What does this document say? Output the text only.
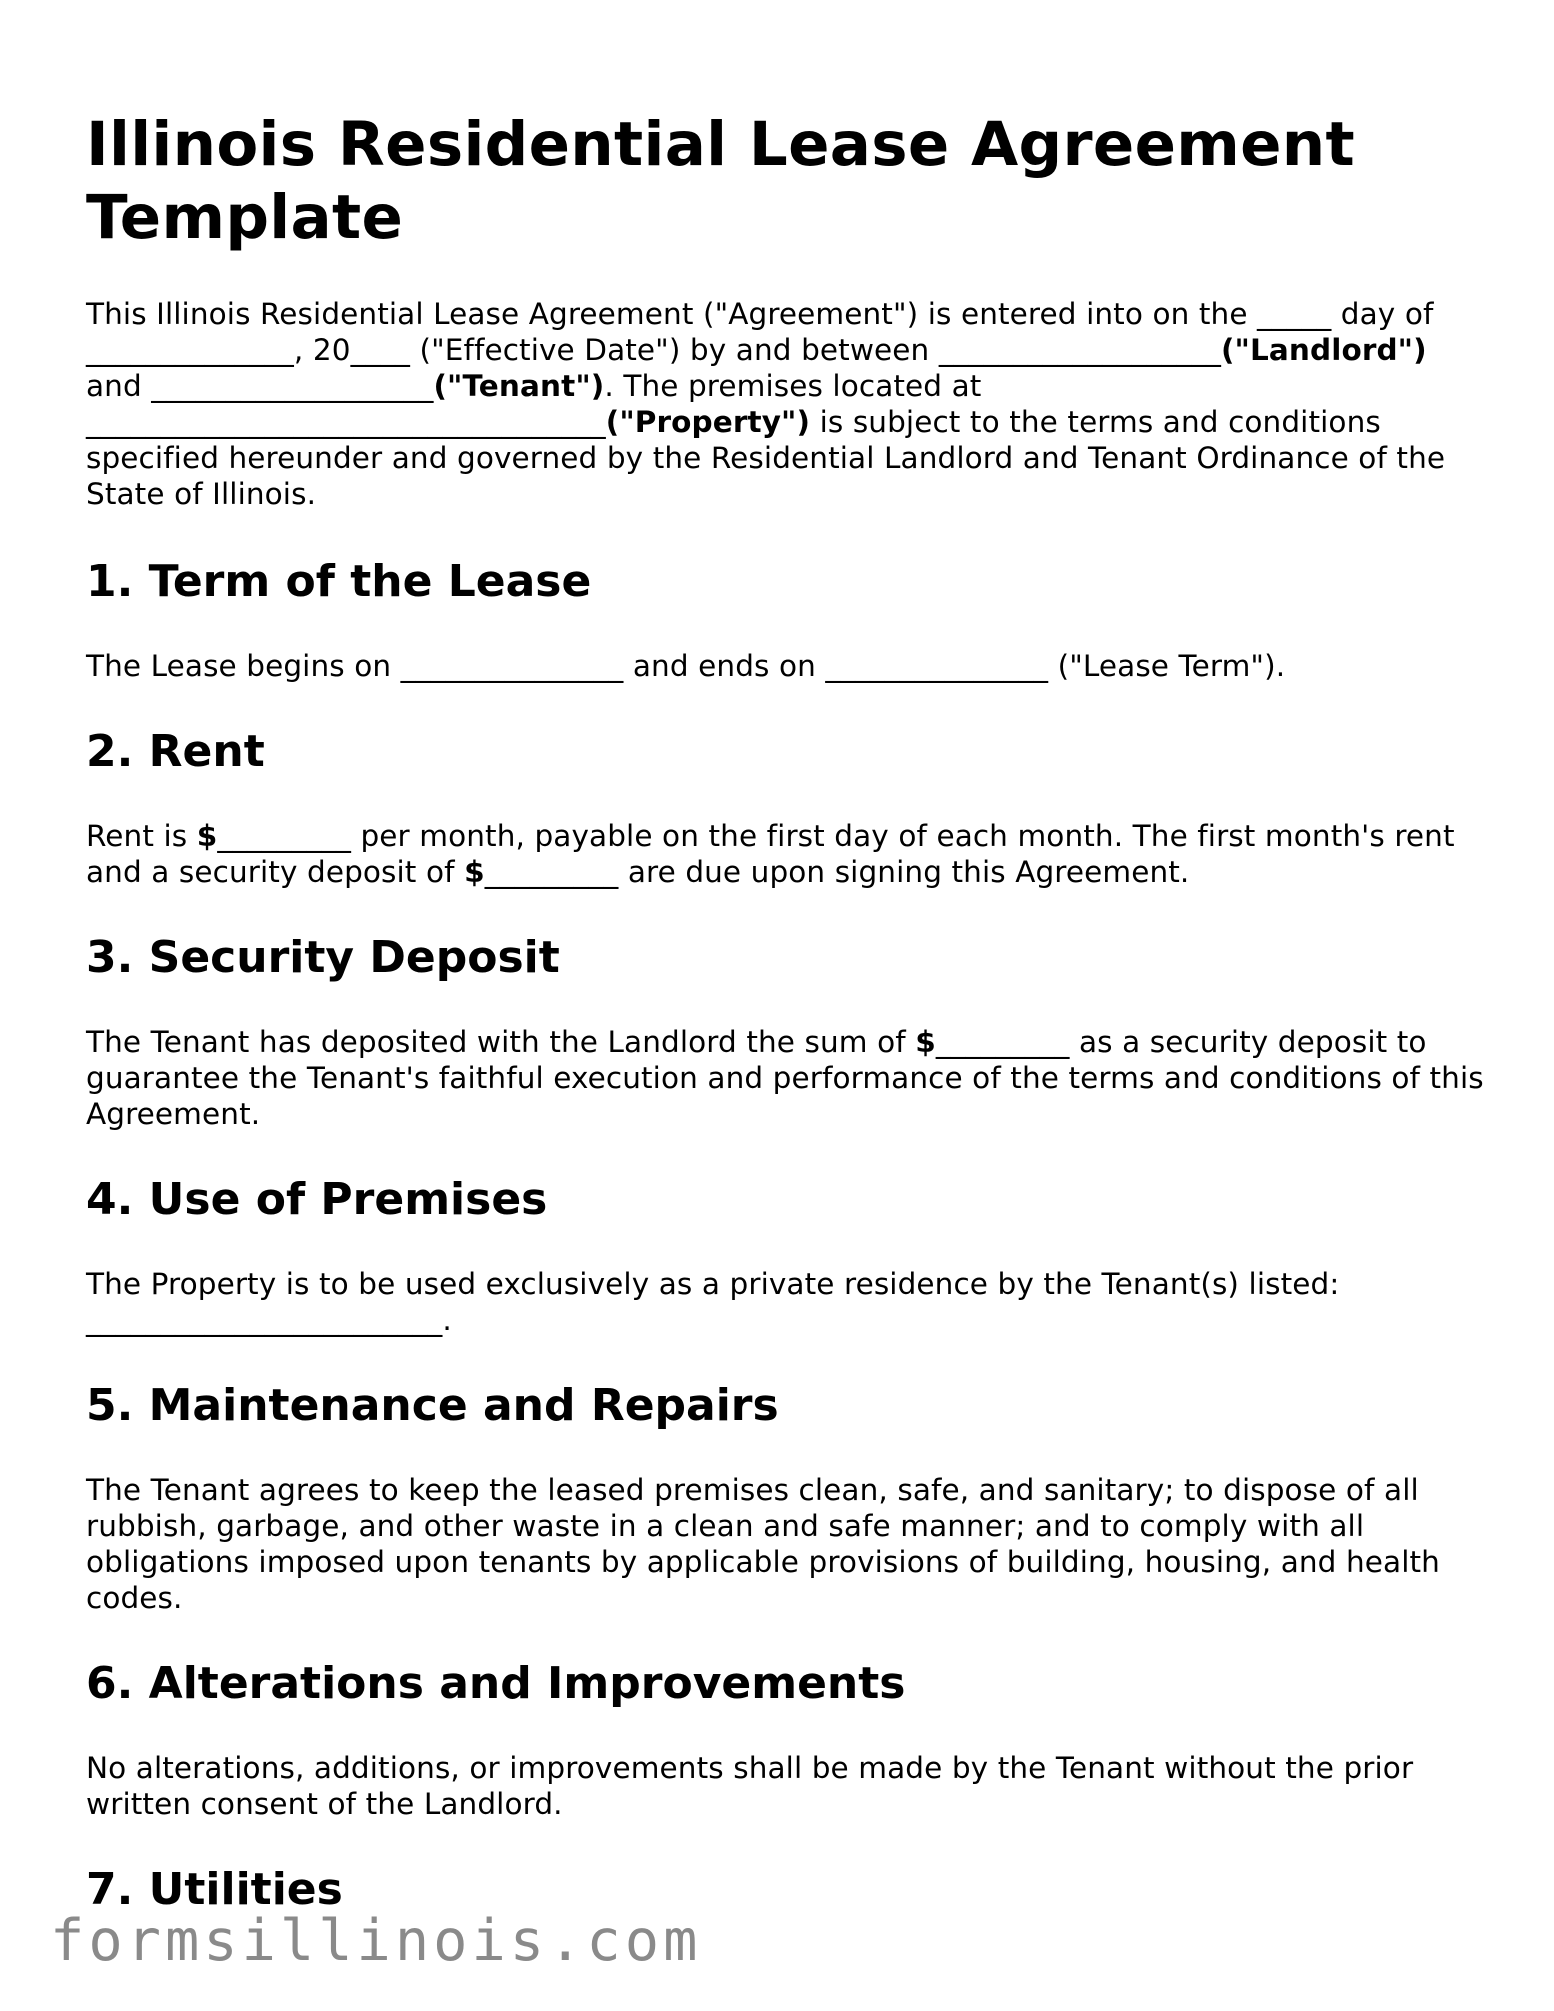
Illinois Residential Lease Agreement Template

This Illinois Residential Lease Agreement ("Agreement") is entered into on the _____ day of ______________, 20____ ("Effective Date") by and between ___________________("Landlord") and ___________________("Tenant"). The premises located at ___________________________________("Property") is subject to the terms and conditions specified hereunder and governed by the Residential Landlord and Tenant Ordinance of the State of Illinois.

1. Term of the Lease

The Lease begins on _______________ and ends on _______________ ("Lease Term").

2. Rent

Rent is $_________ per month, payable on the first day of each month. The first month's rent and a security deposit of $_________ are due upon signing this Agreement.

3. Security Deposit

The Tenant has deposited with the Landlord the sum of $_________ as a security deposit to guarantee the Tenant's faithful execution and performance of the terms and conditions of this Agreement.

4. Use of Premises

The Property is to be used exclusively as a private residence by the Tenant(s) listed: ________________________.

5. Maintenance and Repairs

The Tenant agrees to keep the leased premises clean, safe, and sanitary; to dispose of all rubbish, garbage, and other waste in a clean and safe manner; and to comply with all obligations imposed upon tenants by applicable provisions of building, housing, and health codes.

6. Alterations and Improvements

No alterations, additions, or improvements shall be made by the Tenant without the prior written consent of the Landlord.

7. Utilities
formsillinois.com
